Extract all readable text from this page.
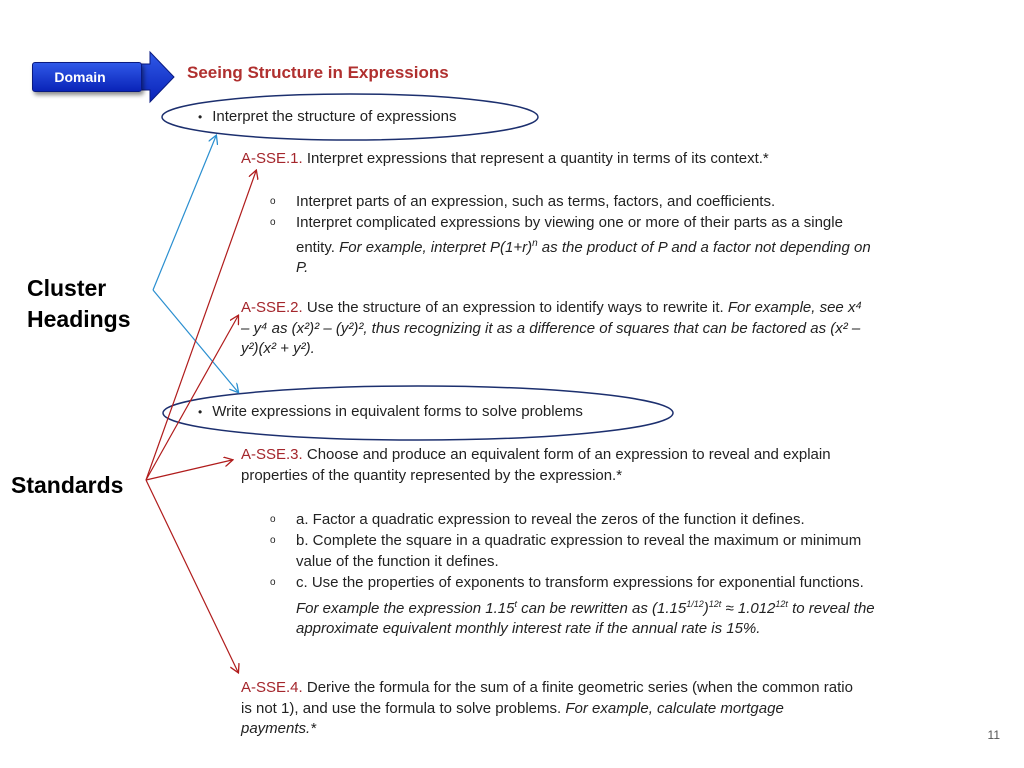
Domain	Seeing Structure in Expressions
• Interpret the structure of expressions
A-SSE.1. Interpret expressions that represent a quantity in terms of its context.*
o Interpret parts of an expression, such as terms, factors, and coefficients.
o Interpret complicated expressions by viewing one or more of their parts as a single entity. For example, interpret $P(1+r)^n$ as the product of P and a factor not depending on P.
A-SSE.2. Use the structure of an expression to identify ways to rewrite it. For example, see x⁴ – y⁴ as (x²)² – (y²)², thus recognizing it as a difference of squares that can be factored as (x² – y²)(x² + y²).
• Write expressions in equivalent forms to solve problems
A-SSE.3. Choose and produce an equivalent form of an expression to reveal and explain properties of the quantity represented by the expression.*
o a. Factor a quadratic expression to reveal the zeros of the function it defines.
o b. Complete the square in a quadratic expression to reveal the maximum or minimum value of the function it defines.
o c. Use the properties of exponents to transform expressions for exponential functions. For example the expression 1.15$^t$ can be rewritten as $(1.15^{1/12})^{12t} \approx 1.012^{12t}$ to reveal the approximate equivalent monthly interest rate if the annual rate is 15%.
A-SSE.4. Derive the formula for the sum of a finite geometric series (when the common ratio is not 1), and use the formula to solve problems. For example, calculate mortgage payments.*
Cluster
Headings
Standards
11
